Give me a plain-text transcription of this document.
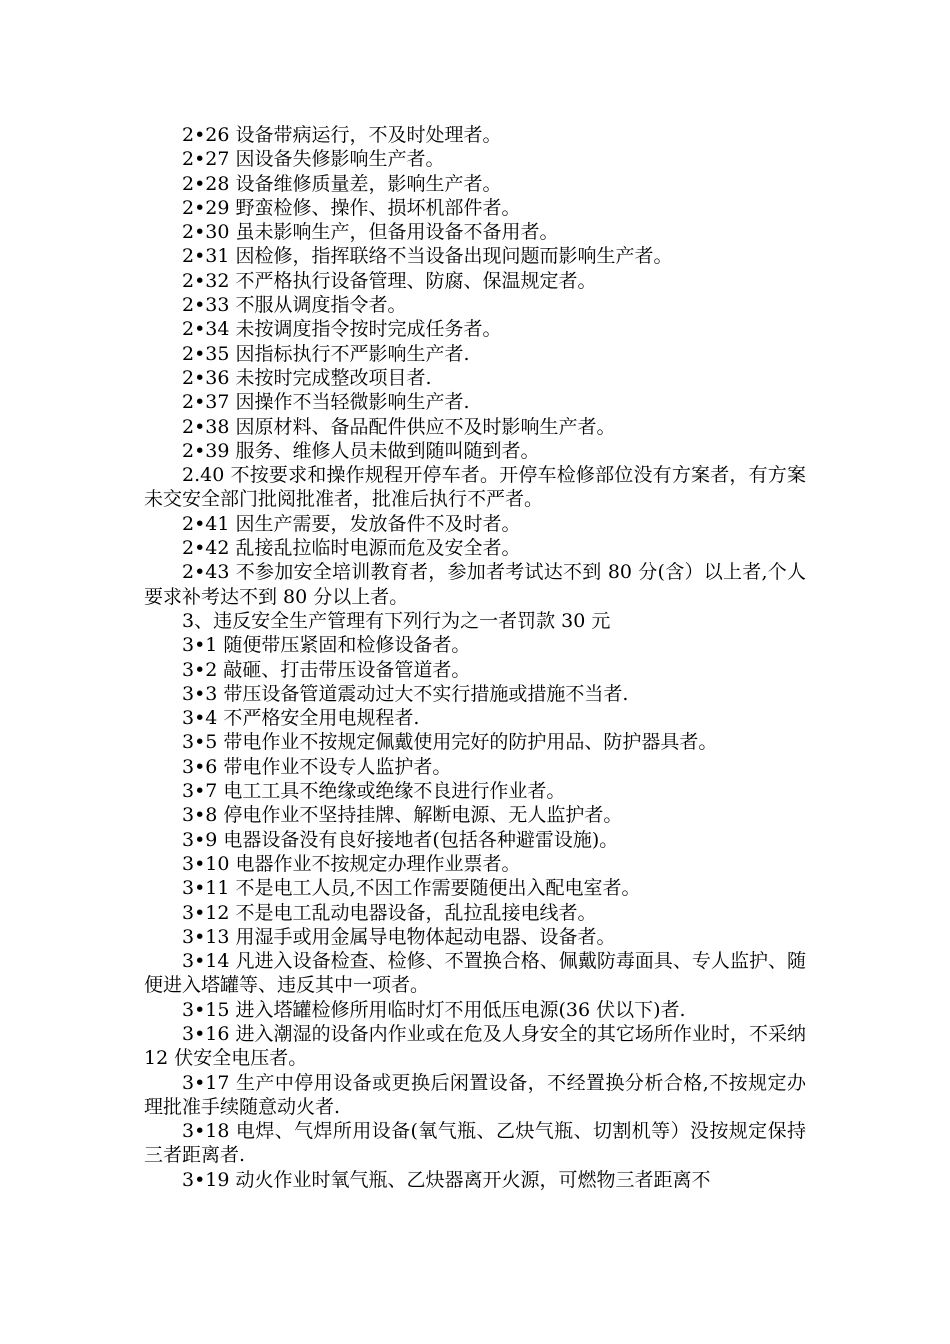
2•26 设备带病运行，不及时处理者。

2•27 因设备失修影响生产者。

2•28 设备维修质量差，影响生产者。

2•29 野蛮检修、操作、损坏机部件者。

2•30 虽未影响生产，但备用设备不备用者。

2•31 因检修，指挥联络不当设备出现问题而影响生产者。

2•32 不严格执行设备管理、防腐、保温规定者。

2•33 不服从调度指令者。

2•34 未按调度指令按时完成任务者。

2•35 因指标执行不严影响生产者.

2•36 未按时完成整改项目者.

2•37 因操作不当轻微影响生产者.

2•38 因原材料、备品配件供应不及时影响生产者。

2•39 服务、维修人员未做到随叫随到者。

2.40 不按要求和操作规程开停车者。开停车检修部位没有方案者，有方案未交安全部门批阅批准者，批准后执行不严者。

2•41 因生产需要，发放备件不及时者。

2•42 乱接乱拉临时电源而危及安全者。

2•43 不参加安全培训教育者，参加者考试达不到 80 分(含）以上者,个人要求补考达不到 80 分以上者。

3、违反安全生产管理有下列行为之一者罚款 30 元

3•1 随便带压紧固和检修设备者。

3•2 敲砸、打击带压设备管道者。

3•3 带压设备管道震动过大不实行措施或措施不当者.

3•4 不严格安全用电规程者.

3•5 带电作业不按规定佩戴使用完好的防护用品、防护器具者。

3•6 带电作业不设专人监护者。

3•7 电工工具不绝缘或绝缘不良进行作业者。

3•8 停电作业不坚持挂牌、解断电源、无人监护者。

3•9 电器设备没有良好接地者(包括各种避雷设施)。

3•10 电器作业不按规定办理作业票者。

3•11 不是电工人员,不因工作需要随便出入配电室者。

3•12 不是电工乱动电器设备，乱拉乱接电线者。

3•13 用湿手或用金属导电物体起动电器、设备者。

3•14 凡进入设备检查、检修、不置换合格、佩戴防毒面具、专人监护、随便进入塔罐等、违反其中一项者。

3•15 进入塔罐检修所用临时灯不用低压电源(36 伏以下)者.

3•16 进入潮湿的设备内作业或在危及人身安全的其它场所作业时，不采纳 12 伏安全电压者。

3•17 生产中停用设备或更换后闲置设备，不经置换分析合格,不按规定办理批准手续随意动火者.

3•18 电焊、气焊所用设备(氧气瓶、乙炔气瓶、切割机等）没按规定保持三者距离者.

3•19 动火作业时氧气瓶、乙炔器离开火源，可燃物三者距离不
